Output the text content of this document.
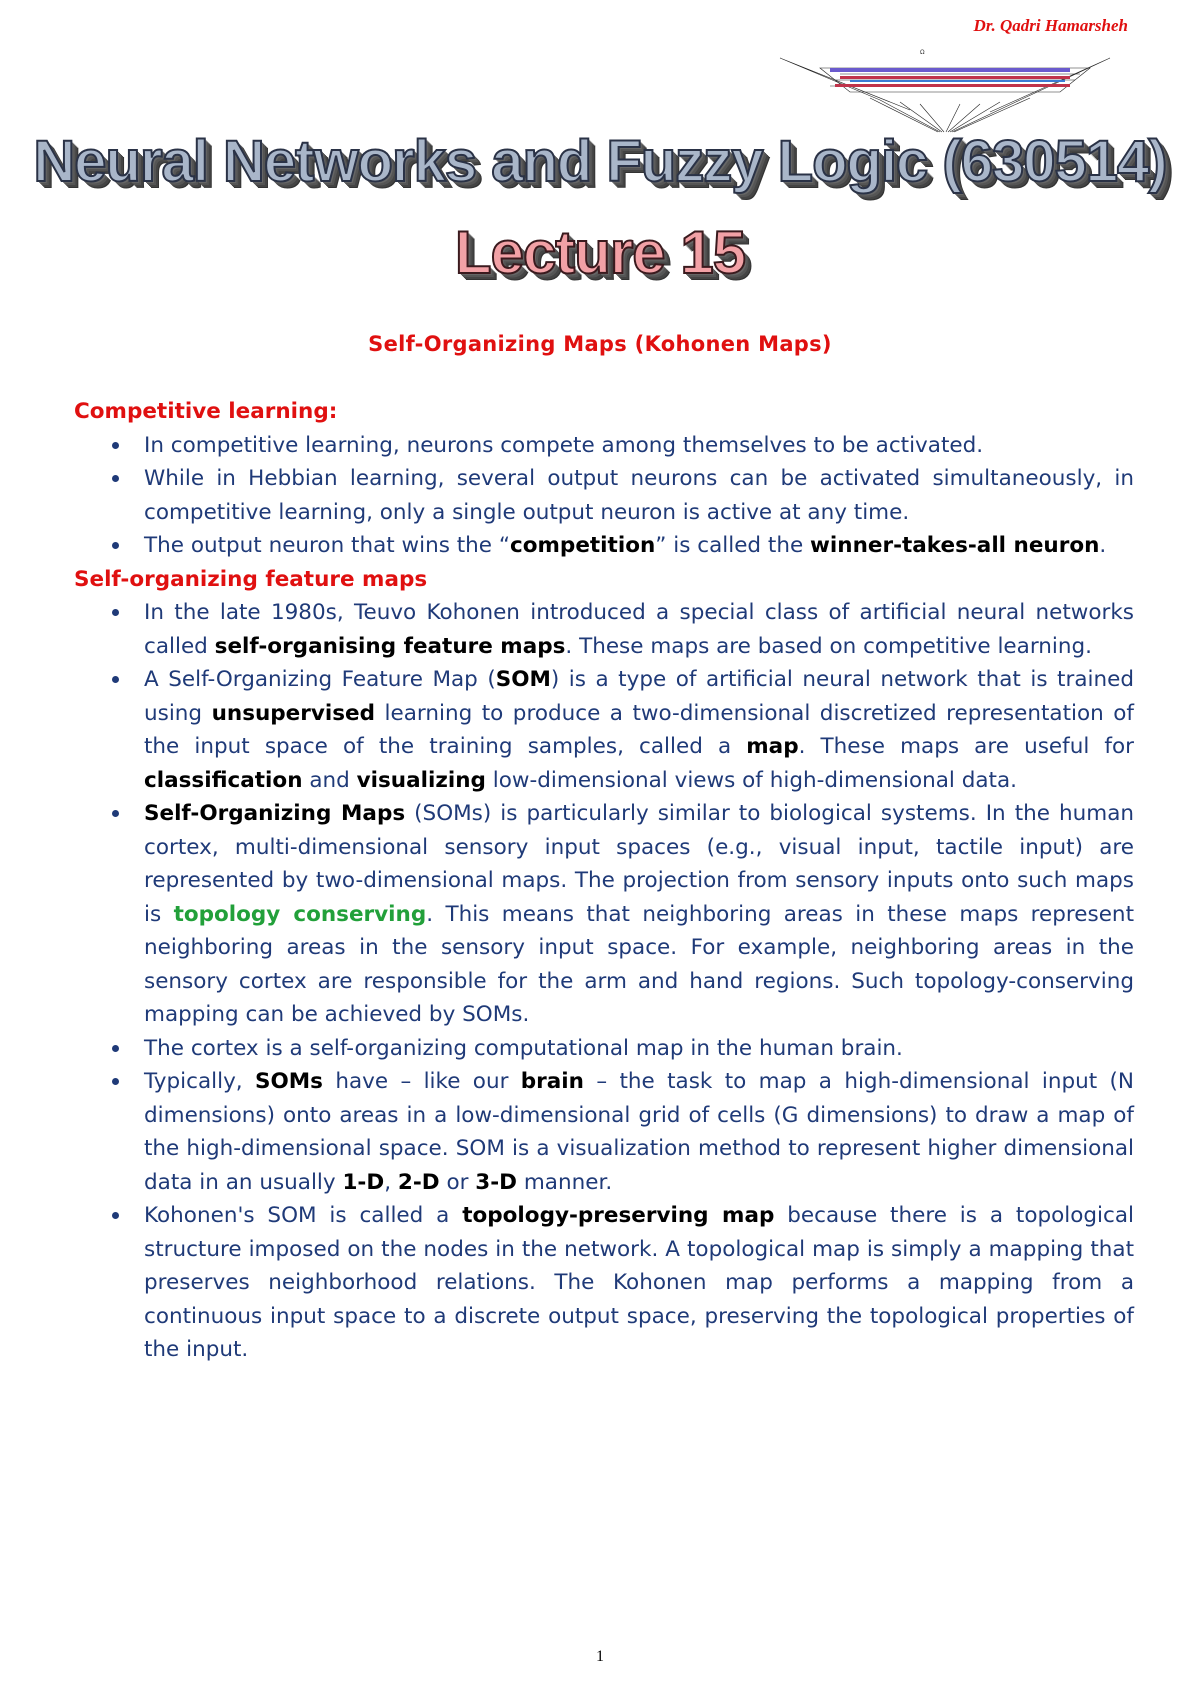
Dr. Qadri Hamarsheh
Ω
Neural Networks and Fuzzy Logic (630514)
Lecture 15
Self-Organizing Maps (Kohonen Maps)
Competitive learning:
In competitive learning, neurons compete among themselves to be activated.
While in Hebbian learning, several output neurons can be activated simultaneously, in competitive learning, only a single output neuron is active at any time.
The output neuron that wins the “competition” is called the winner-takes-all neuron.
Self-organizing feature maps
In the late 1980s, Teuvo Kohonen introduced a special class of artificial neural networks called self-organising feature maps. These maps are based on competitive learning.
A Self-Organizing Feature Map (SOM) is a type of artificial neural network that is trained using unsupervised learning to produce a two-dimensional discretized representation of the input space of the training samples, called a map. These maps are useful for classification and visualizing low-dimensional views of high-dimensional data.
Self-Organizing Maps (SOMs) is particularly similar to biological systems. In the human cortex, multi-dimensional sensory input spaces (e.g., visual input, tactile input) are represented by two-dimensional maps. The projection from sensory inputs onto such maps is topology conserving. This means that neighboring areas in these maps represent neighboring areas in the sensory input space. For example, neighboring areas in the sensory cortex are responsible for the arm and hand regions. Such topology-conserving mapping can be achieved by SOMs.
The cortex is a self-organizing computational map in the human brain.
Typically, SOMs have – like our brain – the task to map a high-dimensional input (N dimensions) onto areas in a low-dimensional grid of cells (G dimensions) to draw a map of the high-dimensional space. SOM is a visualization method to represent higher dimensional data in an usually 1-D, 2-D or 3-D manner.
Kohonen's SOM is called a topology-preserving map because there is a topological structure imposed on the nodes in the network. A topological map is simply a mapping that preserves neighborhood relations. The Kohonen map performs a mapping from a continuous input space to a discrete output space, preserving the topological properties of the input.
1
